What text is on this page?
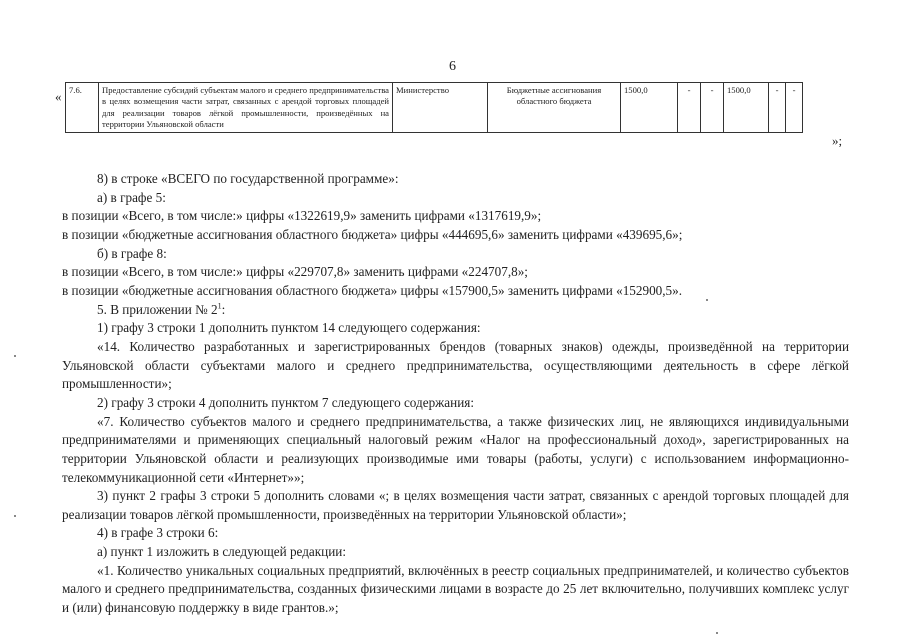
6
« 7.6.	Предоставление субсидий субъектам малого и среднего предпринимательства в целях возмещения части затрат, связанных с арендой торговых площадей для реализации товаров лёгкой промышленности, произведённых на территории Ульяновской области	Министерство	Бюджетные ассигнования областного бюджета	1500,0	-	-	1500,0	-	-
»;

8) в строке «ВСЕГО по государственной программе»:

а) в графе 5:

в позиции «Всего, в том числе:» цифры «1322619,9» заменить цифрами «1317619,9»;

в позиции «бюджетные ассигнования областного бюджета» цифры «444695,6» заменить цифрами «439695,6»;

б) в графе 8:

в позиции «Всего, в том числе:» цифры «229707,8» заменить цифрами «224707,8»;

в позиции «бюджетные ассигнования областного бюджета» цифры «157900,5» заменить цифрами «152900,5».

5. В приложении № $2^1$:

1) графу 3 строки 1 дополнить пунктом 14 следующего содержания:

«14. Количество разработанных и зарегистрированных брендов (товарных знаков) одежды, произведённой на территории Ульяновской области субъектами малого и среднего предпринимательства, осуществляющими деятельность в сфере лёгкой промышленности»;

2) графу 3 строки 4 дополнить пунктом 7 следующего содержания:

«7. Количество субъектов малого и среднего предпринимательства, а также физических лиц, не являющихся индивидуальными предпринимателями и применяющих специальный налоговый режим «Налог на профессиональный доход», зарегистрированных на территории Ульяновской области и реализующих производимые ими товары (работы, услуги) с использованием информационно-телекоммуникационной сети «Интернет»»;

3) пункт 2 графы 3 строки 5 дополнить словами «; в целях возмещения части затрат, связанных с арендой торговых площадей для реализации товаров лёгкой промышленности, произведённых на территории Ульяновской области»;

4) в графе 3 строки 6:

а) пункт 1 изложить в следующей редакции:

«1. Количество уникальных социальных предприятий, включённых в реестр социальных предпринимателей, и количество субъектов малого и среднего предпринимательства, созданных физическими лицами в возрасте до 25 лет включительно, получивших комплекс услуг и (или) финансовую поддержку в виде грантов.»;
